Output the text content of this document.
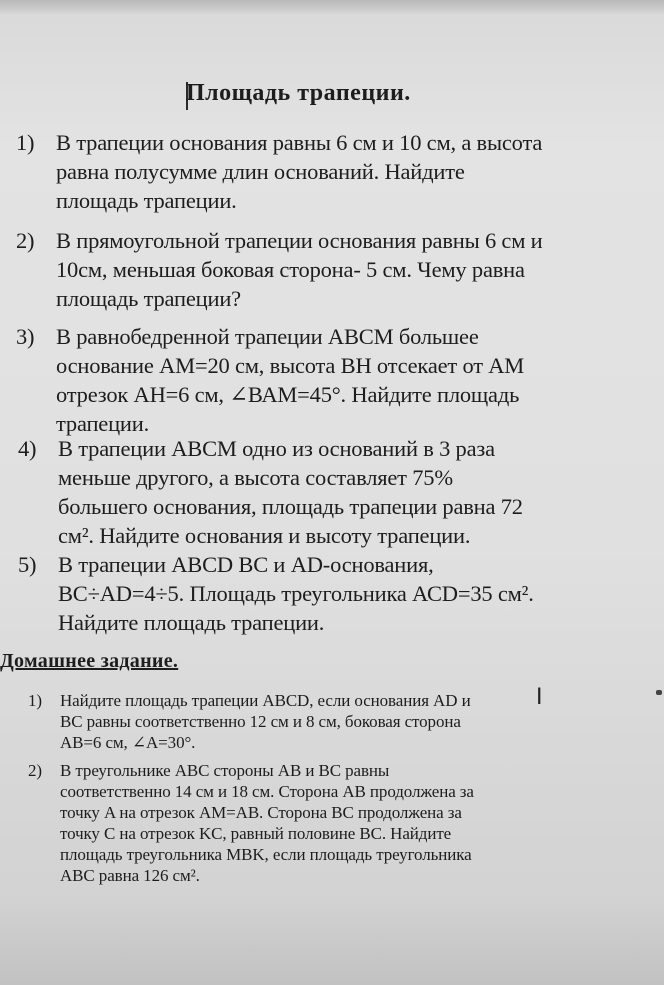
Площадь трапеции.
1) В трапеции основания равны 6 см и 10 см, а высота
равна полусумме длин оснований. Найдите
площадь трапеции.
2) В прямоугольной трапеции основания равны 6 см и
10см, меньшая боковая сторона- 5 см. Чему равна
площадь трапеции?
3) В равнобедренной трапеции АВСМ большее
основание АМ=20 см, высота ВН отсекает от АМ
отрезок АН=6 см, ∠ВАМ=45°. Найдите площадь
трапеции.
4) В трапеции АВСМ одно из оснований в 3 раза
меньше другого, а высота составляет 75%
большего основания, площадь трапеции равна 72
см². Найдите основания и высоту трапеции.
5) В трапеции АВСD ВС и АD-основания,
ВС÷АD=4÷5. Площадь треугольника АСD=35 см².
Найдите площадь трапеции.
Домашнее задание.
I
1) Найдите площадь трапеции ABCD, если основания AD и
BC равны соответственно 12 см и 8 см, боковая сторона
AB=6 см, ∠A=30°.
2) В треугольнике ABC стороны AB и BC равны
соответственно 14 см и 18 см. Сторона AB продолжена за
точку A на отрезок AM=AB. Сторона BC продолжена за
точку C на отрезок KC, равный половине BC. Найдите
площадь треугольника MBK, если площадь треугольника
ABC равна 126 см².
